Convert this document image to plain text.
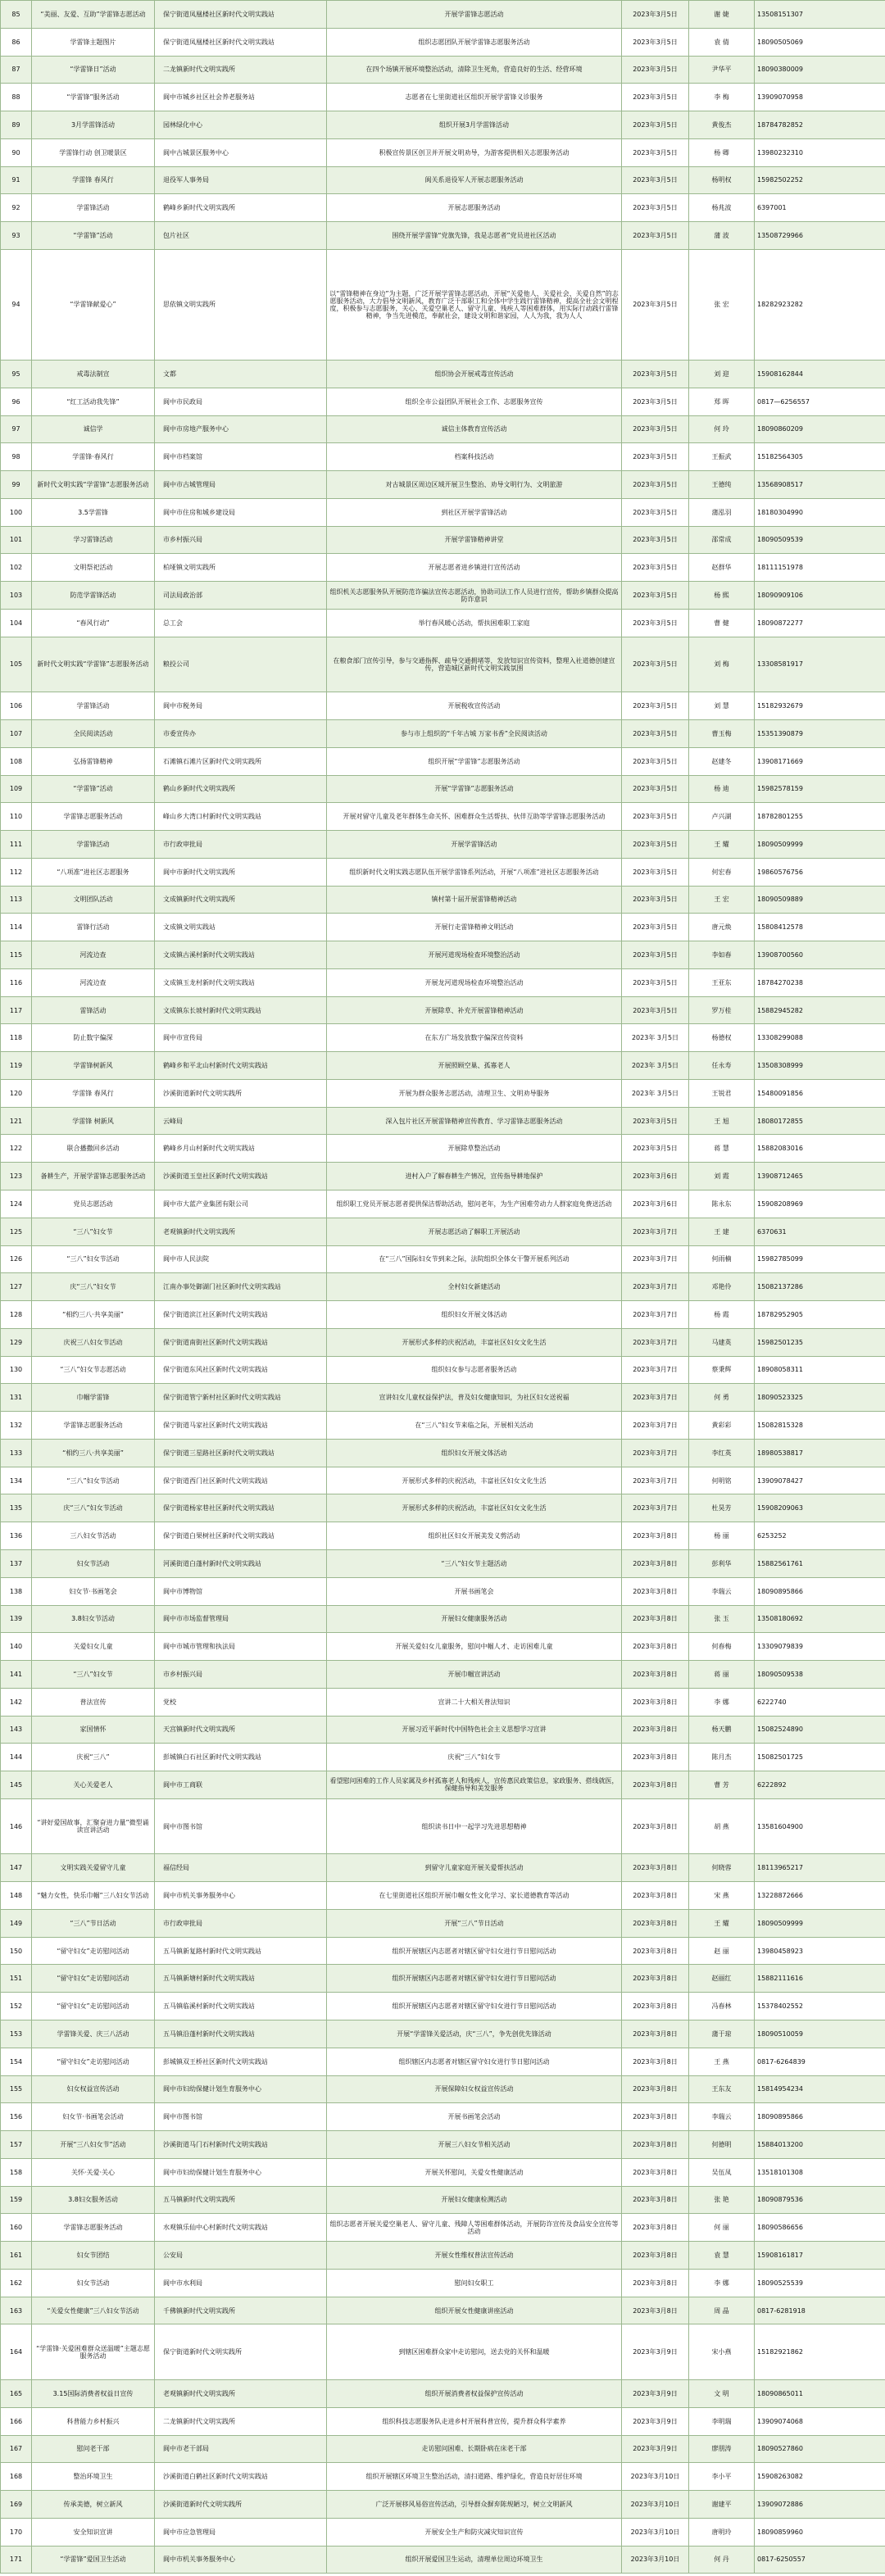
85	“美丽、友爱、互助”学雷锋志愿活动	保宁街道凤凰楼社区新时代文明实践站	开展学雷锋志愿活动	2023年3月5日	谢 婕	13508151307
86	学雷锋主题图片	保宁街道凤凰楼社区新时代文明实践站	组织志愿团队开展学雷锋志愿服务活动	2023年3月5日	袁 倩	18090505069
87	“学雷锋日”活动	二龙镇新时代文明实践所	在四个场镇开展环境整治活动，清除卫生死角，营造良好的生活、经营环境	2023年3月5日	尹华平	18090380009
88	“学雷锋”服务活动	阆中市城乡社区社会养老服务站	志愿者在七里街道社区组织开展学雷锋义诊服务	2023年3月5日	李 梅	13909070958
89	3月学雷锋活动	园林绿化中心	组织开展3月学雷锋活动	2023年3月5日	黄俊杰	18784782852
90	学雷锋行动 创卫暖景区	阆中古城景区服务中心	积极宣传景区创卫并开展文明劝导，为游客提供相关志愿服务活动	2023年3月5日	杨 卿	13980232310
91	学雷锋 春风行	退役军人事务局	阆关系退役军人开展志愿服务活动	2023年3月5日	杨明权	15982502252
92	学雷锋活动	鹤峰乡新时代文明实践所	开展志愿服务活动	2023年3月5日	杨兆波	6397001
93	“学雷锋”活动	包片社区	围绕开展学雷锋“党旗先锋，我是志愿者”党员进社区活动	2023年3月5日	蒲 波	13508729966
94	“学雷锋献爱心”	思依镇文明实践所	以“雷锋精神在身边”为主题，广泛开展学雷锋志愿活动，开展“关爱他人、关爱社会、关爱自然”的志愿服务活动，大力倡导文明新风，教育广泛干部职工和全体中学生践行雷锋精神，提高全社会文明程度，积极参与志愿服务，关心、关爱空巢老人、留守儿童、残疾人等困难群体，用实际行动践行雷锋精神，争当先进模范，奉献社会，建设文明和谐家园，人人为我，我为人人	2023年3月5日	张 宏	18282923282
95	戒毒法制宣	文都	组织协会开展戒毒宣传活动	2023年3月5日	刘 迎	15908162844
96	“红工活动我先锋”	阆中市民政局	组织全市公益团队开展社会工作、志愿服务宣传	2023年3月5日	郑 晖	0817—6256557
97	诚信学	阆中市房地产服务中心	诚信主体教育宣传活动	2023年3月5日	何 玲	18090860209
98	学雷锋·春风行	阆中市档案馆	档案科技活动	2023年3月5日	王振武	15182564305
99	新时代文明实践“学雷锋”志愿服务活动	阆中市古城管理局	对古城景区周边区域开展卫生整治、劝导文明行为、文明旅游	2023年3月5日	王德纯	13568908517
100	3.5学雷锋	阆中市住房和城乡建设局	到社区开展学雷锋活动	2023年3月5日	蒲泓羽	18180304990
101	学习雷锋活动	市乡村振兴局	开展学雷锋精神讲堂	2023年3月5日	邵常成	18090509539
102	文明祭祀活动	柏垭镇文明实践所	开展志愿者进乡镇进行宣传活动	2023年3月5日	赵群华	18111151978
103	防范学雷锋活动	司法局政治部	组织机关志愿服务队开展防范诈骗法宣传志愿活动，协助司法工作人员进行宣传，帮助乡镇群众提高防诈意识	2023年3月5日	杨 熙	18090909106
104	“春风行动”	总工会	举行春风暖心活动，帮扶困难职工家庭	2023年3月5日	曹 健	18090872277
105	新时代文明实践“学雷锋”志愿服务活动	粮投公司	在粮食部门宣传引导，参与交通指挥、疏导交通拥堵等，发放知识宣传资料，整理入社道德创建宣传，营造城区新时代文明实践氛围	2023年3月5日	刘 梅	13308581917
106	学雷锋活动	阆中市税务局	开展税收宣传活动	2023年3月5日	刘 慧	15182932679
107	全民阅读活动	市委宣传办	参与市上组织的“千年古城 万家书香”全民阅读活动	2023年3月5日	曹玉梅	15351390879
108	弘扬雷锋精神	石滩镇石滩片区新时代文明实践所	组织开展“学雷锋”志愿服务活动	2023年3月5日	赵建冬	13908171669
109	“学雷锋”活动	鹤山乡新时代文明实践所	开展“学雷锋”志愿服务活动	2023年3月5日	杨 迪	15982578159
110	学雷锋志愿服务活动	峰山乡大湾口村新时代文明实践站	开展对留守儿童及老年群体生命关怀、困难群众生活帮扶、伙伴互助等学雷锋志愿服务活动	2023年3月5日	卢兴湖	18782801255
111	学雷锋活动	市行政审批局	开展学雷锋活动	2023年3月5日	王 耀	18090509999
112	“八项准”进社区志愿服务	阆中市新时代文明实践所	组织新时代文明实践志愿队伍开展学雷锋系列活动，开展“八项准”进社区志愿服务活动	2023年3月5日	何宏春	19860576756
113	文明团队活动	文成镇新时代文明实践所	镇村第十届开展雷锋精神活动	2023年3月5日	王 宏	18090509889
114	雷锋行活动	文成镇文明实践站	开展行走雷锋精神文明活动	2023年3月5日	唐元焕	15808412578
115	河流边查	文成镇古溪村新时代文明实践站	开展河道现场检查环境整治活动	2023年3月5日	李如春	13908700560
116	河流边查	文成镇玉龙村新时代文明实践站	开展龙河道现场检查环境整治活动	2023年3月5日	王亚东	18784270238
117	雷锋活动	文成镇东长坡村新时代文明实践站	开展除草、补充开展雷锋精神活动	2023年3月5日	罗万桂	15882945282
118	防止数字偏深	阆中市宣传局	在东方广场发放数字偏深宣传资料	2023年 3月5日	杨德权	13308299088
119	学雷锋树新风	鹤峰乡和平北山村新时代文明实践站	开展照顾空巢、孤寡老人	2023年 3月5日	任永寿	13508308999
120	学雷锋 春风行	沙溪街道新时代文明实践所	开展为群众服务志愿活动，清理卫生、文明劝导服务	2023年 3月5日	王锐君	15480091856
121	学雷锋 树新风	云峰局	深入包片社区开展雷锋精神宣传教育、学习雷锋志愿服务活动	2023年3月5日	王 旭	18080172855
122	联合播撒回乡活动	鹤峰乡月山村新时代文明实践站	开展除草整治活动	2023年3月5日	蒋 慧	15882083016
123	备耕生产，开展学雷锋志愿服务活动	沙溪街道玉皇社区新时代文明实践站	进村入户了解春耕生产情况，宣传指导耕地保护	2023年3月6日	刘 霞	13908712465
124	党员志愿活动	阆中市大蓝产业集团有限公司	组织职工党员开展志愿者提供保洁帮助活动，慰问老年，为生产困难劳动力人群家庭免费送活动	2023年3月6日	陈永东	15908208969
125	“三八”妇女节	老观镇新时代文明实践所	开展志愿活动了解职工开展活动	2023年3月7日	王 建	6370631
126	“三八”妇女节活动	阆中市人民法院	在“三八”国际妇女节到来之际，法院组织全体女干警开展系列活动	2023年3月7日	何雨楠	15982785099
127	庆“三八”妇女节	江南办事处御湖门社区新时代文明实践站	全村妇女新建活动	2023年3月7日	邓艳伶	15082137286
128	“相约三八·共享美丽”	保宁街道滨江社区新时代文明实践站	组织妇女开展文体活动	2023年3月7日	杨 霞	18782952905
129	庆祝三八妇女节活动	保宁街道南街社区新时代文明实践站	开展形式多样的庆祝活动，丰富社区妇女文化生活	2023年3月7日	马建英	15982501235
130	“三八”妇女节志愿活动	保宁街道东风社区新时代文明实践站	组织妇女参与志愿者服务活动	2023年3月7日	蔡秉辉	18908058311
131	巾帼学雷锋	保宁街道管宁新村社区新时代文明实践站	宣讲妇女儿童权益保护法，普及妇女健康知识，为社区妇女送祝福	2023年3月7日	何 勇	18090523325
132	学雷锋志愿服务活动	保宁街道马家社区新时代文明实践站	在“三八”妇女节来临之际，开展相关活动	2023年3月7日	黄彩彩	15082815328
133	“相约三八·共享美丽”	保宁街道三星路社区新时代文明实践站	组织妇女开展文体活动	2023年3月7日	李红英	18980538817
134	“三八”妇女节活动	保宁街道西门社区新时代文明实践站	开展形式多样的庆祝活动，丰富社区妇女文化生活	2023年3月7日	何明铭	13909078427
135	庆“三八”妇女节活动	保宁街道杨家巷社区新时代文明实践站	开展形式多样的庆祝活动，丰富社区妇女文化生活	2023年3月7日	杜昊芳	15908209063
136	三八妇女节活动	保宁街道白果树社区新时代文明实践站	组织社区妇女开展美发义剪活动	2023年3月8日	杨 丽	6253252
137	妇女节活动	河溪街道白蓬村新时代文明实践站	“三八”妇女节主题活动	2023年3月8日	彭利华	15882561761
138	妇女节·书画笔会	阆中市博物馆	开展书画笔会	2023年3月8日	李瑞云	18090895866
139	3.8妇女节活动	阆中市市场监督管理局	开展妇女健康服务活动	2023年3月8日	张 玉	13508180692
140	关爱妇女儿童	阆中市城市管理和执法局	开展关爱妇女儿童服务，慰问中帼人才、走访困难儿童	2023年3月8日	何春梅	13309079839
141	“三八”妇女节	市乡村振兴局	开展巾帼宣讲活动	2023年3月8日	蒋 丽	18090509538
142	普法宣传	党校	宣讲二十大相关普法知识	2023年3月8日	李 娜	6222740
143	家国情怀	天宫镇新时代文明实践所	开展习近平新时代中国特色社会主义思想学习宣讲	2023年3月8日	杨天鹏	15082524890
144	庆祝“三八”	彭城镇白石社区新时代文明实践站	庆祝“三八”妇女节	2023年3月8日	陈月杰	15082501725
145	关心关爱老人	阆中市工商联	看望慰问困难的工作人员家属及乡村孤寡老人和残疾人，宣传惠民政策信息，家政服务、搭线就医，保健指导和美发服务	2023年3月8日	曹 芳	6222892
146	“讲好爱国故事，汇聚奋进力量”微型诵读宣讲活动	阆中市图书馆	组织读书日中一起学习先进思想精神	2023年3月8日	胡 燕	13581604900
147	文明实践关爱留守儿童	福信经局	到留守儿童家庭开展关爱帮扶活动	2023年3月8日	何晓蓉	18113965217
148	“魅力女性，快乐巾帼”三八妇女节活动	阆中市机关事务服务中心	在七里街道社区组织开展巾帼女性文化学习、家长道德教育等活动	2023年3月8日	宋 燕	13228872666
149	“三八”节日活动	市行政审批局	开展“三八”节日活动	2023年3月8日	王 耀	18090509999
150	“留守妇女”走访慰问活动	五马镇新复路村新时代文明实践站	组织开展辖区内志愿者对辖区留守妇女进行节日慰问活动	2023年3月8日	赵 丽	13980458923
151	“留守妇女”走访慰问活动	五马镇新塘村新时代文明实践站	组织开展辖区内志愿者对辖区留守妇女进行节日慰问活动	2023年3月8日	赵丽红	15882111616
152	“留守妇女”走访慰问活动	五马镇临溪村新时代文明实践站	组织开展辖区内志愿者对辖区留守妇女进行节日慰问活动	2023年3月8日	冯春林	15378402552
153	学雷锋关爱、庆三八活动	五马镇沿蓬村新时代文明实践站	开展“学雷锋关爱活动，庆“三八”，争先创优先锋活动	2023年3月8日	蒲于琼	18090510059
154	“留守妇女”走访慰问活动	彭城镇双王桥社区新时代文明实践站	组织辖区内志愿者对辖区留守妇女进行节日慰问活动	2023年3月8日	王 燕	0817-6264839
155	妇女权益宣传活动	阆中市妇幼保健计划生育服务中心	开展保障妇女权益宣传活动	2023年3月8日	王东友	15814954234
156	妇女节·书画笔会活动	阆中市图书馆	开展书画笔会活动	2023年3月8日	李瑞云	18090895866
157	开展“三八妇女节”活动	沙溪街道马门石村新时代文明实践站	开展三八妇女节相关活动	2023年3月8日	何德明	15884013200
158	关怀·关爱·关心	阆中市妇幼保健计划生育服务中心	开展关怀慰问，关爱女性健康活动	2023年3月8日	吴伍凤	13518101308
159	3.8妇女服务活动	五马镇新时代文明实践所	开展妇女健康检测活动	2023年3月8日	张 艳	18090879536
160	学雷锋志愿服务活动	水观镇乐仙中心村新时代文明实践站	组织志愿者开展关爱空巢老人、留守儿童、残障人等困难群体活动，开展防诈宣传及食品安全宣传等活动	2023年3月8日	何 丽	18090586656
161	妇女节团结	公安局	开展女性维权普法宣传活动	2023年3月8日	袁 慧	15908161817
162	妇女节活动	阆中市水利局	慰问妇女职工	2023年3月8日	李 娜	18090525539
163	“关爱女性健康”三八妇女节活动	千佛镇新时代文明实践所	组织开展女性健康讲座活动	2023年3月8日	周 晶	0817-6281918
164	“学雷锋·关爱困难群众送温暖”主题志愿服务活动	保宁街道新时代文明实践所	到辖区困难群众家中走访慰问，送去党的关怀和温暖	2023年3月9日	宋小燕	15182921862
165	3.15国际消费者权益日宣传	老观镇新时代文明实践所	组织开展消费者权益保护宣传活动	2023年3月9日	文 明	18090865011
166	科普能力乡村振兴	二龙镇新时代文明实践所	组织科技志愿服务队走进乡村开展科普宣传，提升群众科学素养	2023年3月9日	李明瑞	13909074068
167	慰问老干部	阆中市老干部局	走访慰问困难、长期卧病在床老干部	2023年3月9日	廖朋涛	18090527860
168	整治环境卫生	沙溪街道白鹤社区新时代文明实践站	组织开展辖区环境卫生整治活动，清扫道路、维护绿化，营造良好居住环境	2023年3月10日	李小平	15908263082
169	传承美德，树立新风	沙溪街道新时代文明实践所	广泛开展移风易俗宣传活动，引导群众摒弃陈规陋习，树立文明新风	2023年3月10日	谢建平	13909072886
170	安全知识宣讲	阆中市应急管理局	开展安全生产和防灾减灾知识宣传	2023年3月10日	唐明玲	18090859960
171	“学雷锋”爱国卫生活动	阆中市机关事务服务中心	组织开展爱国卫生运动，清理单位周边环境卫生	2023年3月10日	何 丹	0817-6250557
